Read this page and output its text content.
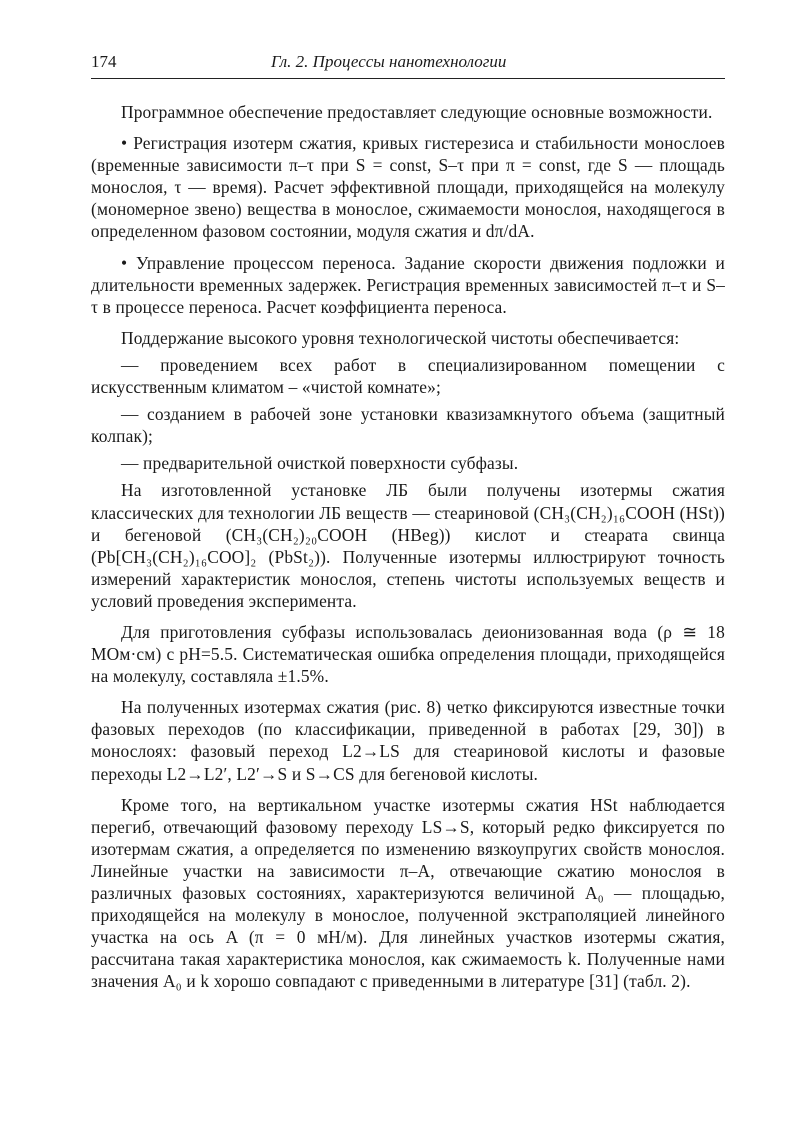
174	Гл. 2. Процессы нанотехнологии

Программное обеспечение предоставляет следующие основные возможности.

• Регистрация изотерм сжатия, кривых гистерезиса и стабильности монослоев (временные зависимости π–τ при S = const, S–τ при π = const, где S — площадь монослоя, τ — время). Расчет эффективной площади, приходящейся на молекулу (мономерное звено) вещества в монослое, сжимаемости монослоя, находящегося в определенном фазовом состоянии, модуля сжатия и dπ/dA.

• Управление процессом переноса. Задание скорости движения подложки и длительности временных задержек. Регистрация временных зависимостей π–τ и S–τ в процессе переноса. Расчет коэффициента переноса.

Поддержание высокого уровня технологической чистоты обеспечивается:

— проведением всех работ в специализированном помещении с искусственным климатом – «чистой комнате»;

— созданием в рабочей зоне установки квазизамкнутого объема (защитный колпак);

— предварительной очисткой поверхности субфазы.

На изготовленной установке ЛБ были получены изотермы сжатия классических для технологии ЛБ веществ — стеариновой (CH₃(CH₂)₁₆COOH (HSt)) и бегеновой (CH₃(CH₂)₂₀COOH (HBeg)) кислот и стеарата свинца (Pb[CH₃(CH₂)₁₆COO]₂ (PbSt₂)). Полученные изотермы иллюстрируют точность измерений характеристик монослоя, степень чистоты используемых веществ и условий проведения эксперимента.

Для приготовления субфазы использовалась деионизованная вода (ρ ≅ 18 МОм·см) с pH=5.5. Систематическая ошибка определения площади, приходящейся на молекулу, составляла ±1.5%.

На полученных изотермах сжатия (рис. 8) четко фиксируются известные точки фазовых переходов (по классификации, приведенной в работах [29, 30]) в монослоях: фазовый переход L2→LS для стеариновой кислоты и фазовые переходы L2→L2′, L2′→S и S→CS для бегеновой кислоты.

Кроме того, на вертикальном участке изотермы сжатия HSt наблюдается перегиб, отвечающий фазовому переходу LS→S, который редко фиксируется по изотермам сжатия, а определяется по изменению вязкоупругих свойств монослоя. Линейные участки на зависимости π–A, отвечающие сжатию монослоя в различных фазовых состояниях, характеризуются величиной A₀ — площадью, приходящейся на молекулу в монослое, полученной экстраполяцией линейного участка на ось A (π = 0 мН/м). Для линейных участков изотермы сжатия, рассчитана такая характеристика монослоя, как сжимаемость k. Полученные нами значения A₀ и k хорошо совпадают с приведенными в литературе [31] (табл. 2).
